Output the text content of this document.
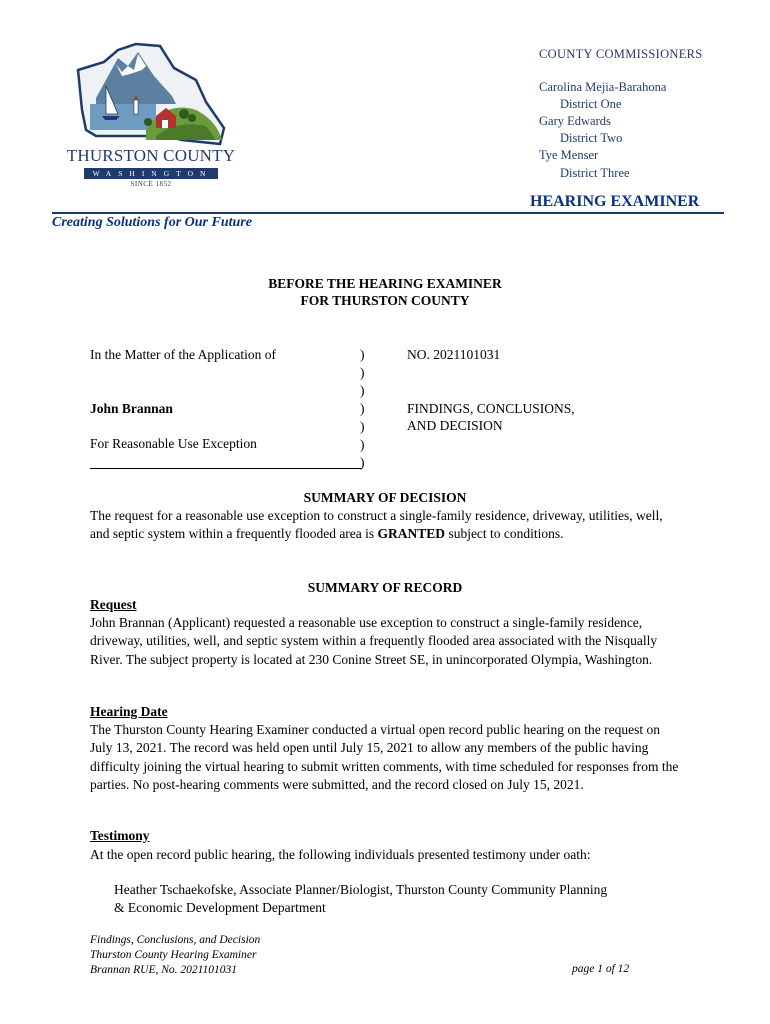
THURSTON COUNTY
WASHINGTON
SINCE 1852
COUNTY COMMISSIONERS
Carolina Mejia-Barahona
District One
Gary Edwards
District Two
Tye Menser
District Three
HEARING EXAMINER
Creating Solutions for Our Future
BEFORE THE HEARING EXAMINER
FOR THURSTON COUNTY
In the Matter of the Application of
John Brannan
For Reasonable Use Exception
)
)
)
)
)
)
)
NO. 2021101031
FINDINGS, CONCLUSIONS,
AND DECISION
SUMMARY OF DECISION
The request for a reasonable use exception to construct a single-family residence, driveway, utilities, well, and septic system within a frequently flooded area is GRANTED subject to conditions.
SUMMARY OF RECORD
Request
John Brannan (Applicant) requested a reasonable use exception to construct a single-family residence, driveway, utilities, well, and septic system within a frequently flooded area associated with the Nisqually River. The subject property is located at 230 Conine Street SE, in unincorporated Olympia, Washington.
Hearing Date
The Thurston County Hearing Examiner conducted a virtual open record public hearing on the request on July 13, 2021. The record was held open until July 15, 2021 to allow any members of the public having difficulty joining the virtual hearing to submit written comments, with time scheduled for responses from the parties. No post-hearing comments were submitted, and the record closed on July 15, 2021.
Testimony
At the open record public hearing, the following individuals presented testimony under oath:
Heather Tschaekofske, Associate Planner/Biologist, Thurston County Community Planning
& Economic Development Department
Findings, Conclusions, and Decision
Thurston County Hearing Examiner
Brannan RUE, No. 2021101031	page 1 of 12
